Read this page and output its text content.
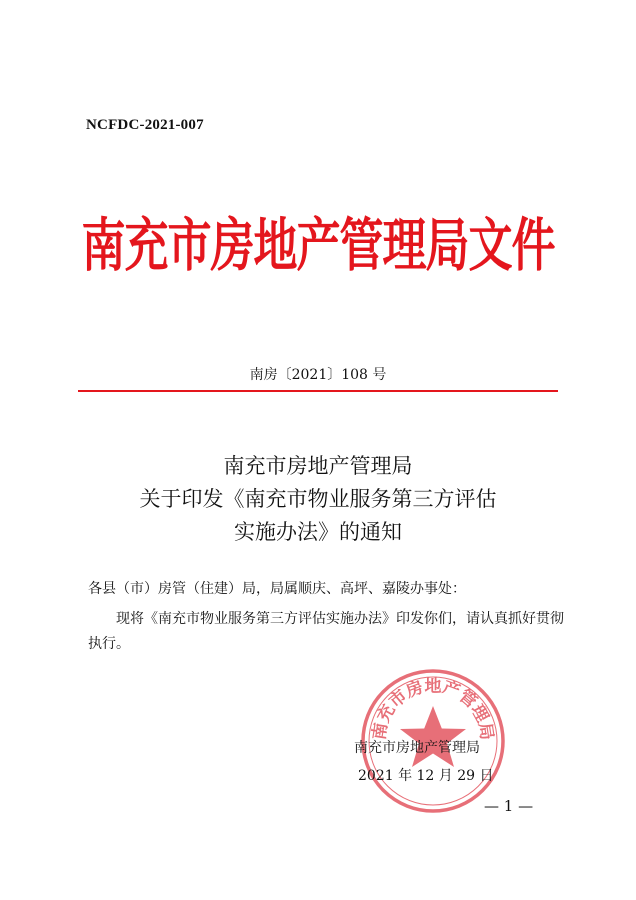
NCFDC-2021-007
南充市房地产管理局文件
南房〔2021〕108 号
南充市房地产管理局
关于印发《南充市物业服务第三方评估
实施办法》的通知
各县（市）房管（住建）局，局属顺庆、高坪、嘉陵办事处：
现将《南充市物业服务第三方评估实施办法》印发你们，请认真抓好贯彻执行。
南充市房地产管理局
南充市房地产管理局
2021 年 12 月 29 日
— 1 —
